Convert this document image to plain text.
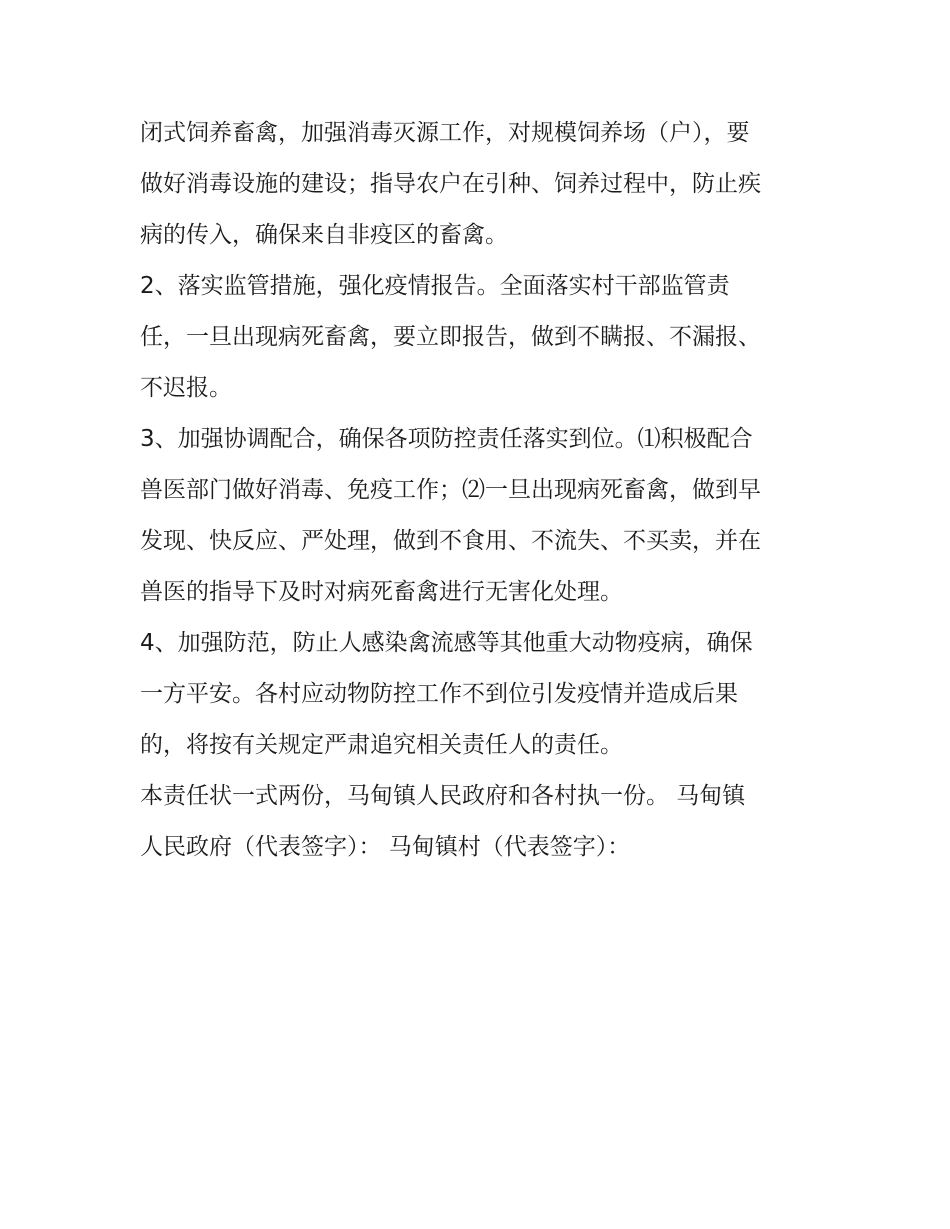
闭式饲养畜禽，加强消毒灭源工作，对规模饲养场（户），要
做好消毒设施的建设；指导农户在引种、饲养过程中，防止疾
病的传入，确保来自非疫区的畜禽。
2、落实监管措施，强化疫情报告。全面落实村干部监管责
任，一旦出现病死畜禽，要立即报告，做到不瞒报、不漏报、
不迟报。
3、加强协调配合，确保各项防控责任落实到位。⑴积极配合
兽医部门做好消毒、免疫工作；⑵一旦出现病死畜禽，做到早
发现、快反应、严处理，做到不食用、不流失、不买卖，并在
兽医的指导下及时对病死畜禽进行无害化处理。
4、加强防范，防止人感染禽流感等其他重大动物疫病，确保
一方平安。各村应动物防控工作不到位引发疫情并造成后果
的，将按有关规定严肃追究相关责任人的责任。
本责任状一式两份，马甸镇人民政府和各村执一份。 马甸镇
人民政府（代表签字）： 马甸镇村（代表签字）：
